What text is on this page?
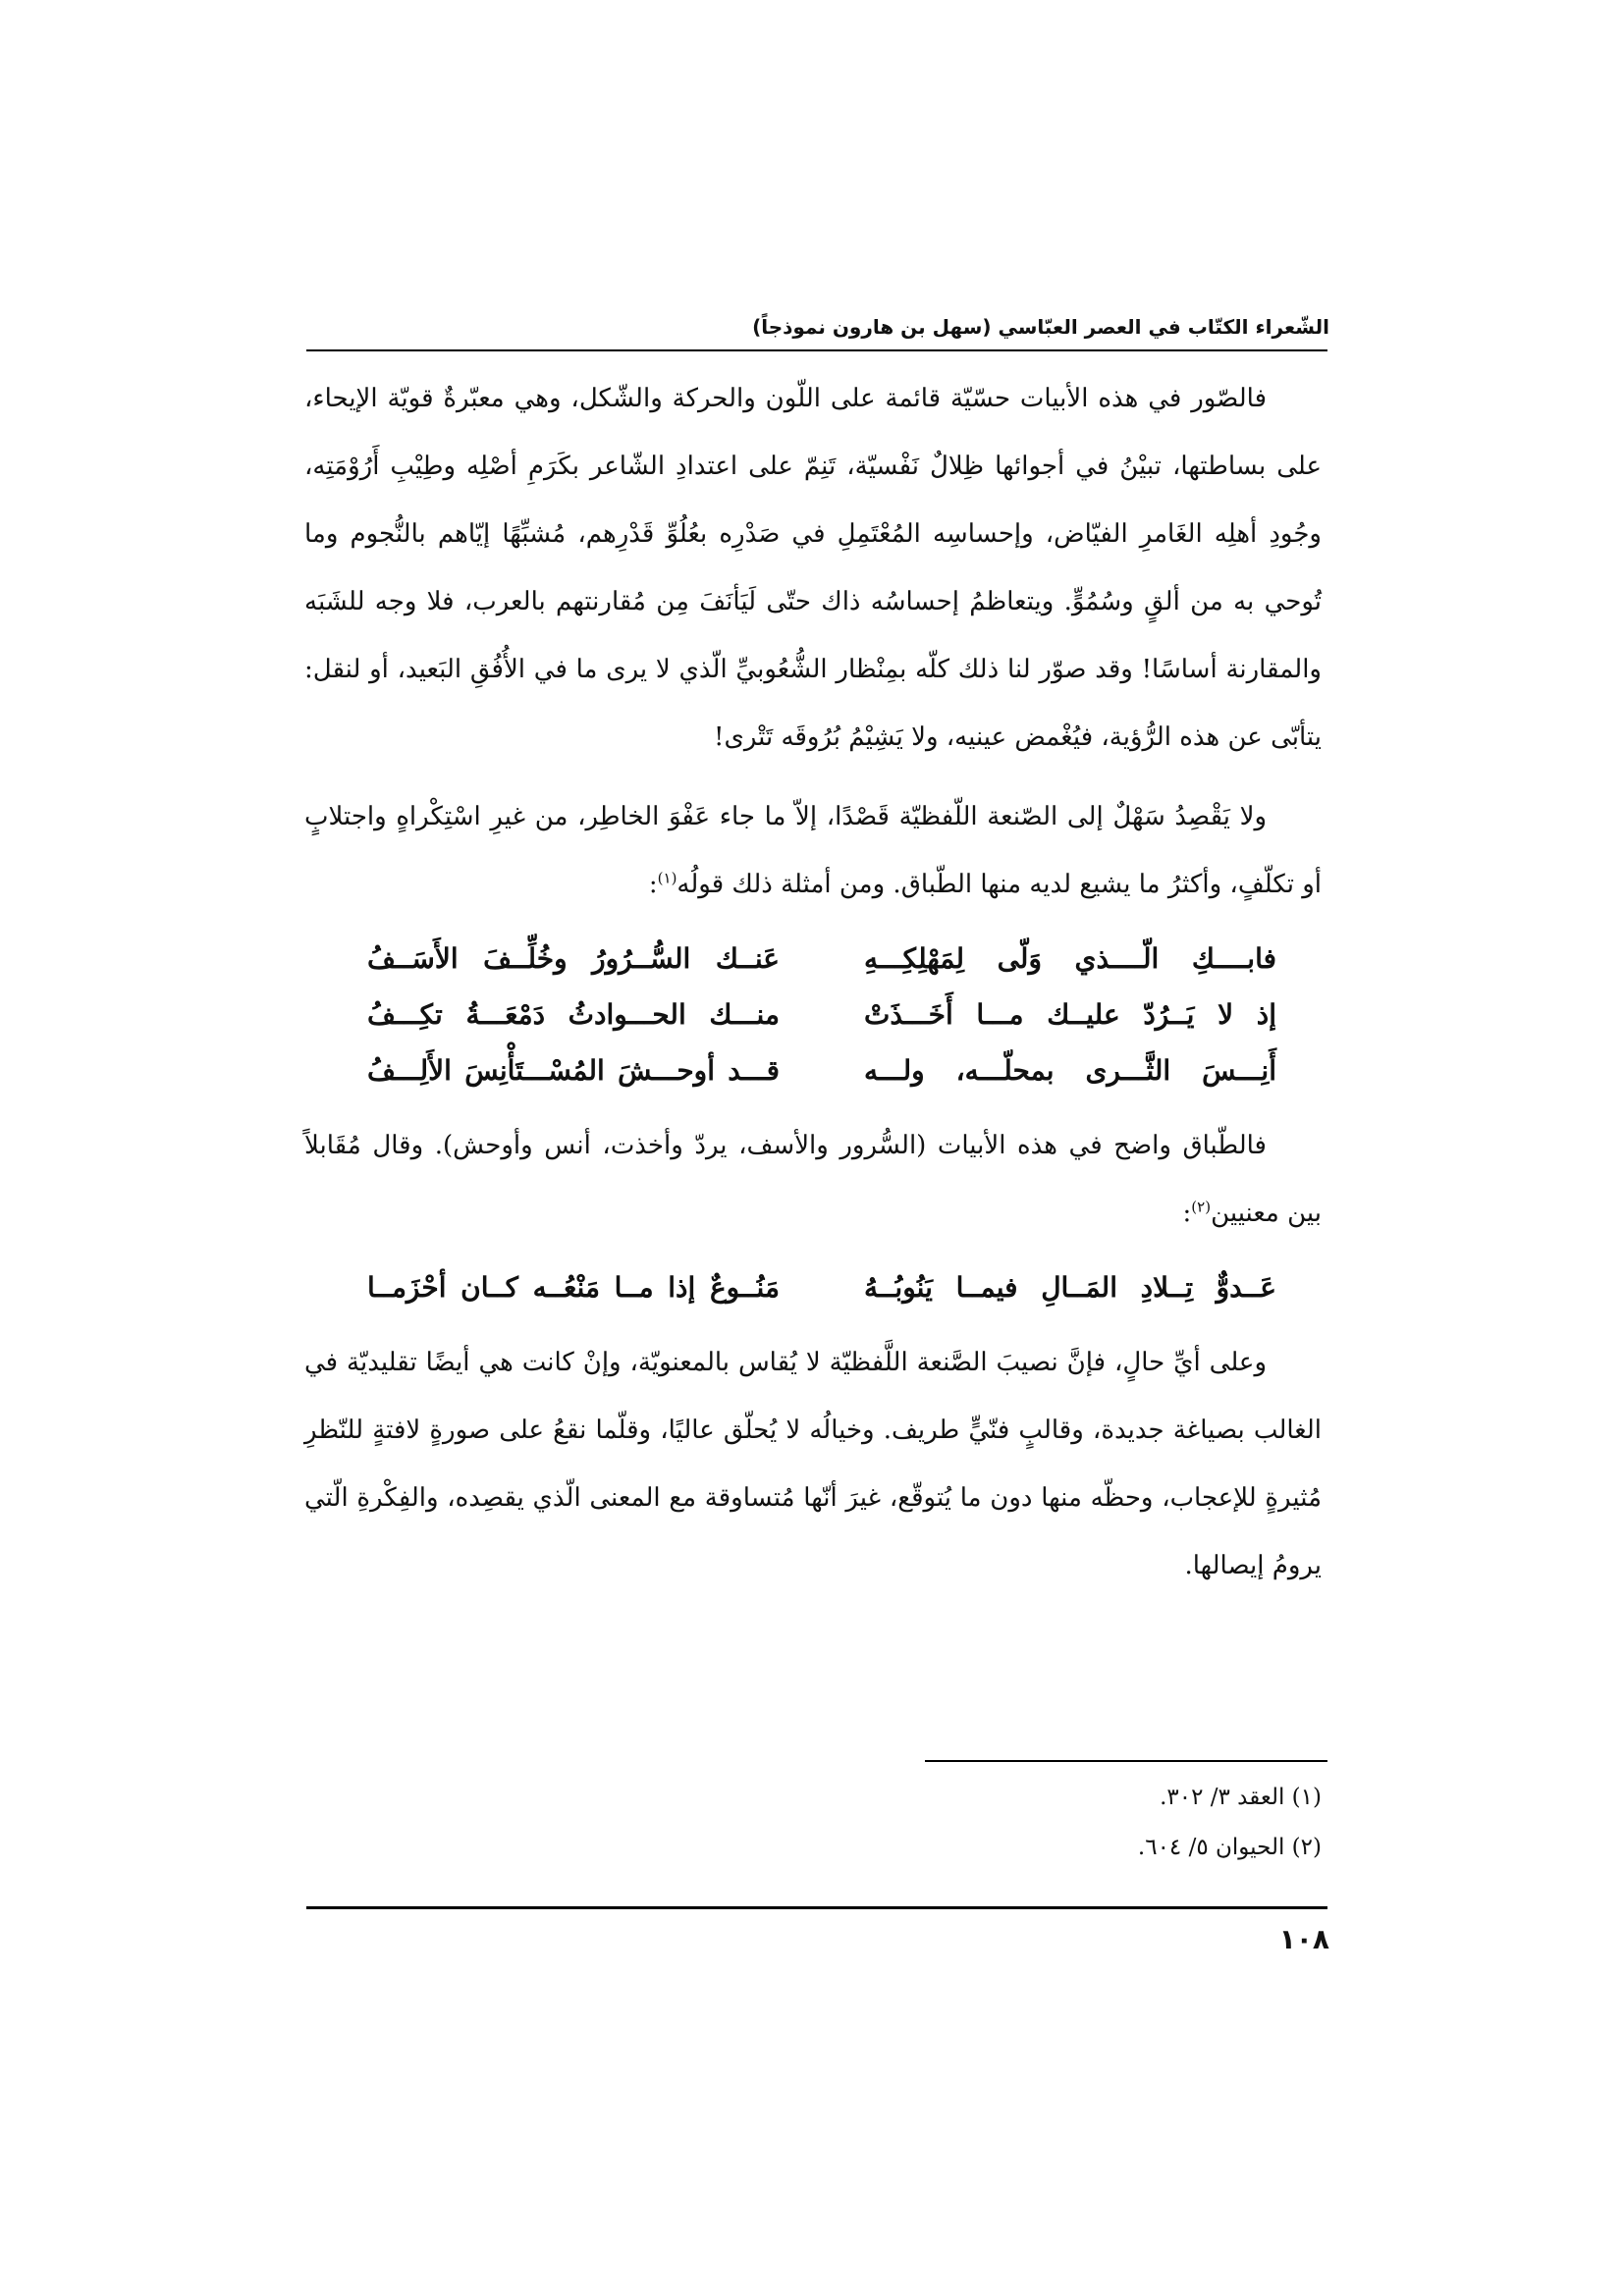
الشّعراء الكتّاب في العصر العبّاسي (سهل بن هارون نموذجاً)

فالصّور في هذه الأبيات حسّيّة قائمة على اللّون والحركة والشّكل، وهي معبّرةٌ قويّة الإيحاء، على بساطتها، تبيْنُ في أجوائها ظِلالٌ نَفْسيّة، تَنِمّ على اعتدادِ الشّاعر بكَرَمِ أصْلِه وطِيْبِ أَرُوْمَتِه، وجُودِ أهلِه الغَامرِ الفيّاض، وإحساسِه المُعْتَمِلِ في صَدْرِه بعُلُوِّ قَدْرِهم، مُشبِّهًا إيّاهم بالنُّجوم وما تُوحي به من ألقٍ وسُمُوٍّ. ويتعاظمُ إحساسُه ذاك حتّى لَيَأنَفَ مِن مُقارنتهم بالعرب، فلا وجه للشَبَه والمقارنة أساسًا! وقد صوّر لنا ذلك كلّه بمِنْظار الشُّعُوبيِّ الّذي لا يرى ما في الأُفُقِ البَعيد، أو لنقل: يتأبّى عن هذه الرُّؤية، فيُغْمض عينيه، ولا يَشِيْمُ بُرُوقَه تَتْرى!

ولا يَقْصِدُ سَهْلٌ إلى الصّنعة اللّفظيّة قَصْدًا، إلاّ ما جاء عَفْوَ الخاطِر، من غيرِ اسْتِكْراهٍ واجتلابٍ أو تكلّفٍ، وأكثرُ ما يشيع لديه منها الطّباق. ومن أمثلة ذلك قولُه$^{(١)}$:

فابــــكِ الّــــذي وَلّى لِمَهْلِكِـــهِ
عَنــك السُّــرُورُ وخُلِّــفَ الأَسَــفُ
إذ لا يَــرُدّ عليــك مـــا أَخَـــذَتْ
منـــك الحـــوادثُ دَمْعَـــةُ تكِـــفُ
أَنِـــسَ الثَّـــرى بمحلّـــه، ولـــه
قـــد أوحـــشَ المُسْـــتَأْنِسَ الأَلِـــفُ

فالطّباق واضح في هذه الأبيات (السُّرور والأسف، يردّ وأخذت، أنس وأوحش). وقال مُقَابلاً بين معنيين$^{(٢)}$:

عَــدوٌّ تِــلادِ المَــالِ فيمــا يَنُوبُــهُ
مَنُــوعٌ إذا مــا مَنْعُــه كــان أحْزَمــا

وعلى أيِّ حالٍ، فإنَّ نصيبَ الصَّنعة اللَّفظيّة لا يُقاس بالمعنويّة، وإنْ كانت هي أيضًا تقليديّة في الغالب بصياغة جديدة، وقالبٍ فنّيٍّ طريف. وخيالُه لا يُحلّق عاليًا، وقلّما نقعُ على صورةٍ لافتةٍ للنّظرِ مُثيرةٍ للإعجاب، وحظّه منها دون ما يُتوقّع، غيرَ أنّها مُتساوقة مع المعنى الّذي يقصِده، والفِكْرةِ الّتي يرومُ إيصالها.

(١) العقد ٣/ ٣٠٢.

(٢) الحيوان ٥/ ٦٠٤.

١٠٨
